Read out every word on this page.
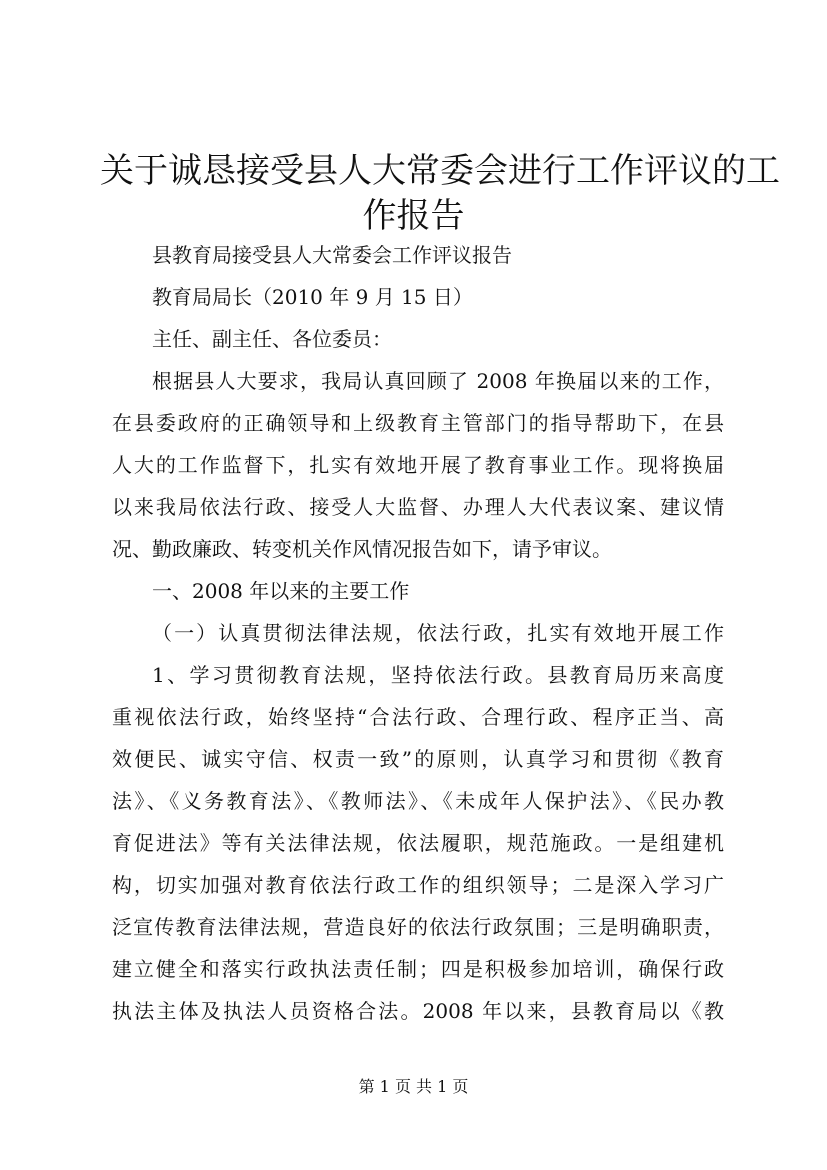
关于诚恳接受县人大常委会进行工作评议的工
作报告
县教育局接受县人大常委会工作评议报告
教育局局长（2010 年 9 月 15 日）
主任、副主任、各位委员：
根据县人大要求，我局认真回顾了 2008 年换届以来的工作，
在县委政府的正确领导和上级教育主管部门的指导帮助下，在县
人大的工作监督下，扎实有效地开展了教育事业工作。现将换届
以来我局依法行政、接受人大监督、办理人大代表议案、建议情
况、勤政廉政、转变机关作风情况报告如下，请予审议。
一、2008 年以来的主要工作
（一）认真贯彻法律法规，依法行政，扎实有效地开展工作
1、学习贯彻教育法规，坚持依法行政。县教育局历来高度
重视依法行政，始终坚持“合法行政、合理行政、程序正当、高
效便民、诚实守信、权责一致”的原则，认真学习和贯彻《教育
法》、《义务教育法》、《教师法》、《未成年人保护法》、《民办教
育促进法》等有关法律法规，依法履职，规范施政。一是组建机
构，切实加强对教育依法行政工作的组织领导；二是深入学习广
泛宣传教育法律法规，营造良好的依法行政氛围；三是明确职责，
建立健全和落实行政执法责任制；四是积极参加培训，确保行政
执法主体及执法人员资格合法。2008 年以来，县教育局以《教
第 1 页 共 1 页
